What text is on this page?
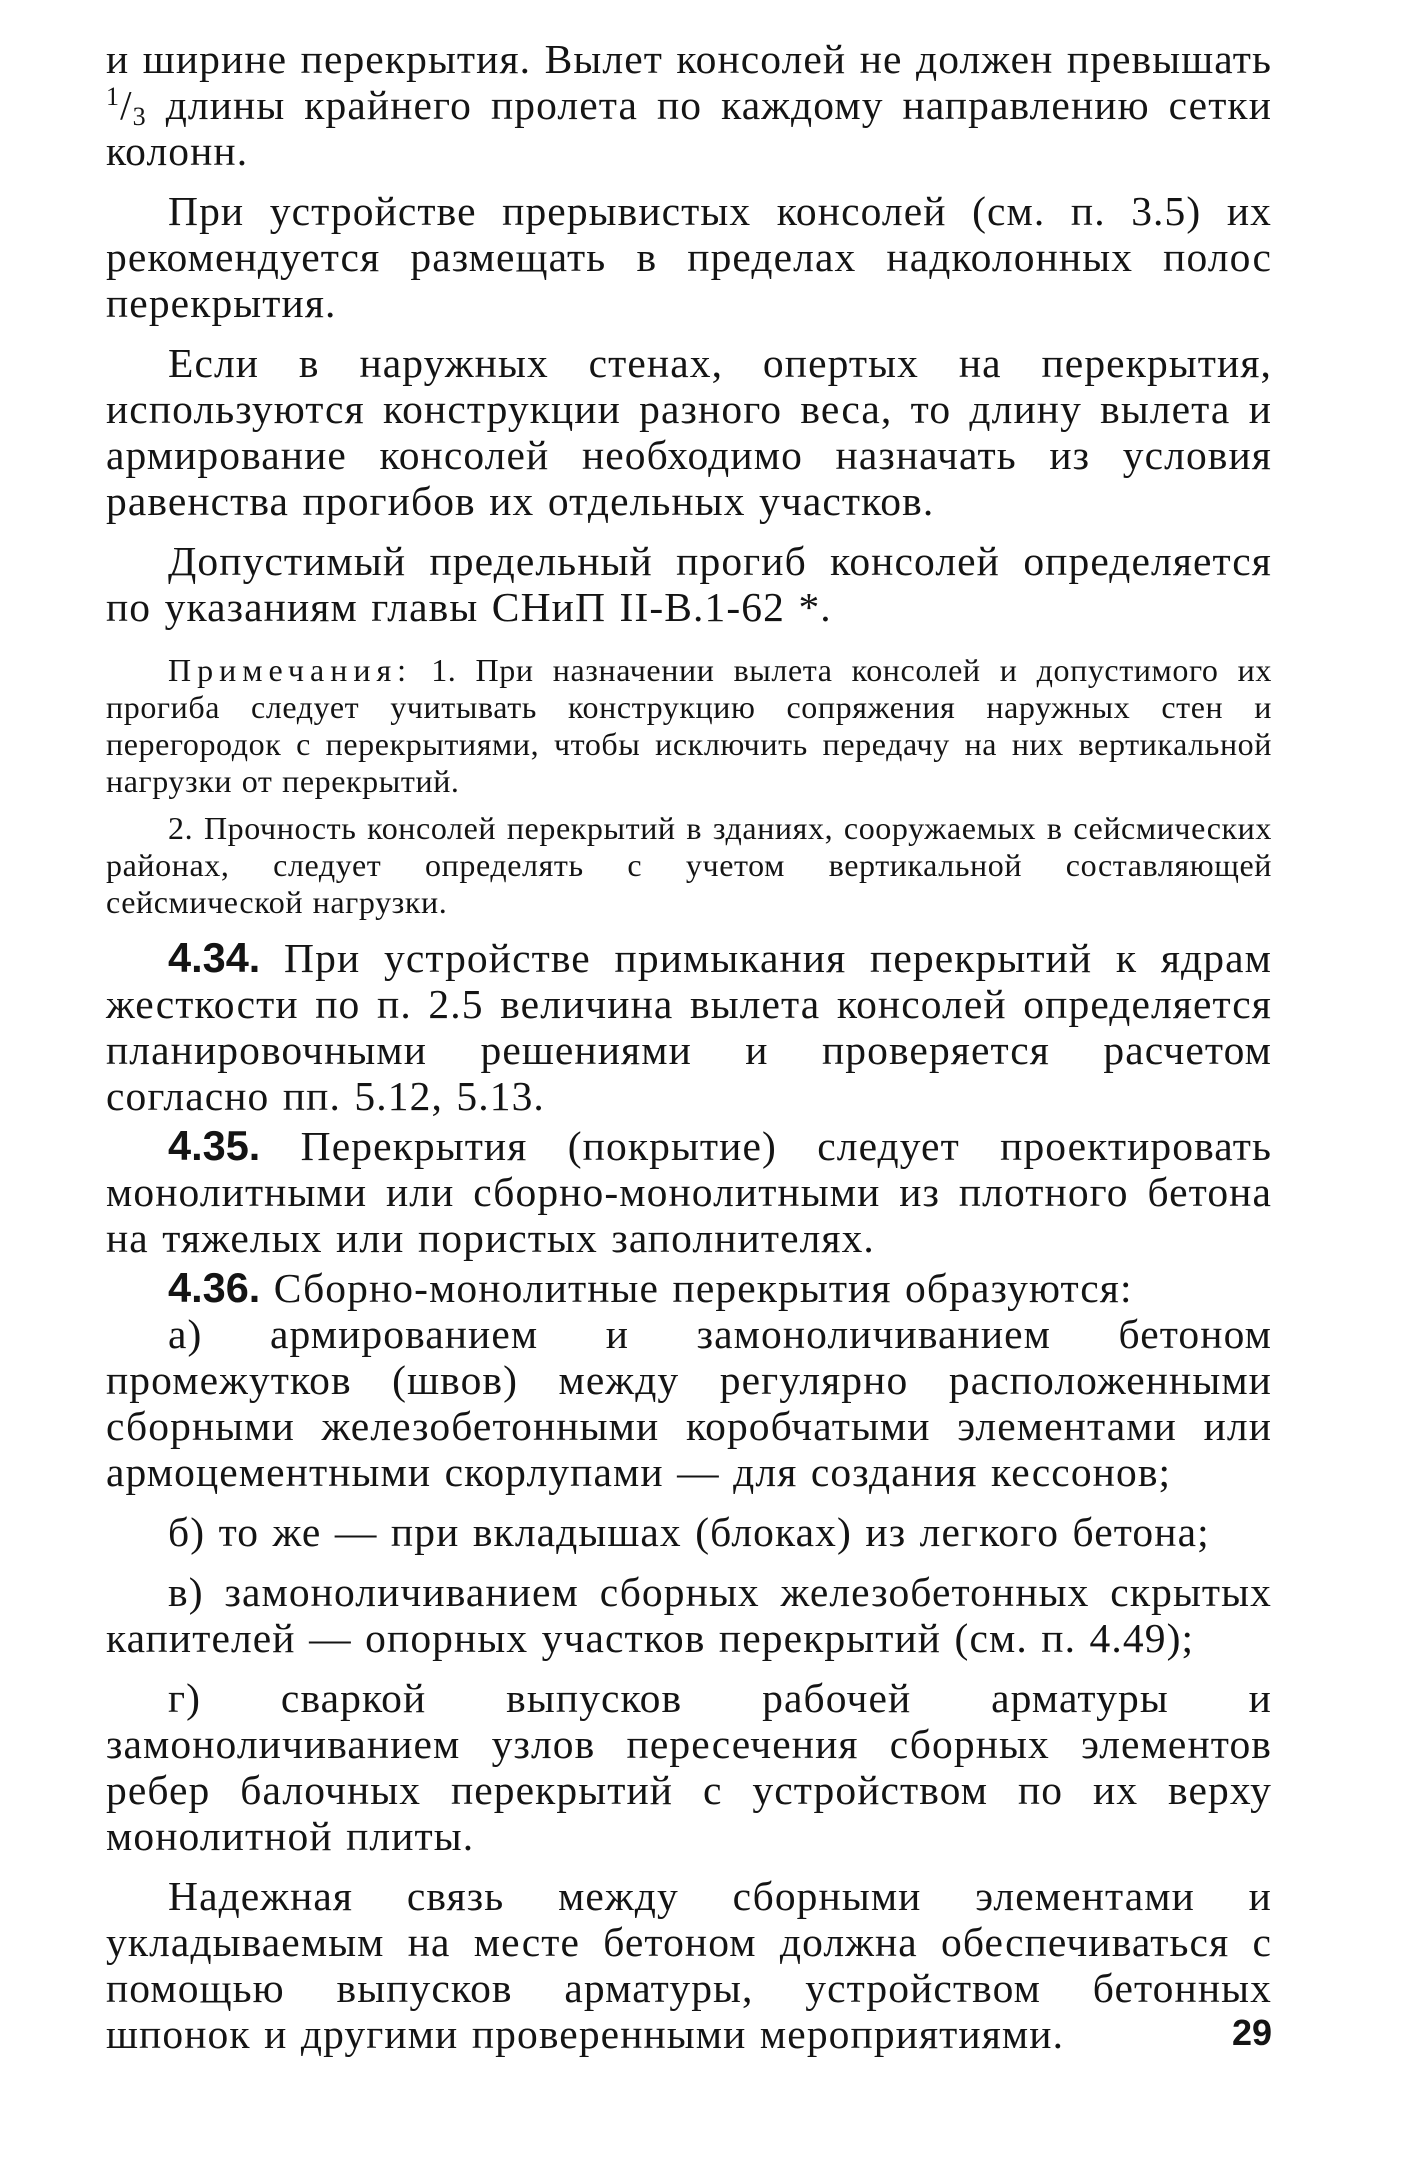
и ширине перекрытия. Вылет консолей не должен превышать $^1/_3$ длины крайнего пролета по каждому направлению сетки колонн.

При устройстве прерывистых консолей (см. п. 3.5) их рекомендуется размещать в пределах надколонных полос перекрытия.

Если в наружных стенах, опертых на перекрытия, используются конструкции разного веса, то длину вылета и армирование консолей необходимо назначать из условия равенства прогибов их отдельных участков.

Допустимый предельный прогиб консолей определяется по указаниям главы СНиП II-В.1-62 *.

Примечания: 1. При назначении вылета консолей и допустимого их прогиба следует учитывать конструкцию сопряжения наружных стен и перегородок с перекрытиями, чтобы исключить передачу на них вертикальной нагрузки от перекрытий.

2. Прочность консолей перекрытий в зданиях, сооружаемых в сейсмических районах, следует определять с учетом вертикальной составляющей сейсмической нагрузки.

4.34. При устройстве примыкания перекрытий к ядрам жесткости по п. 2.5 величина вылета консолей определяется планировочными решениями и проверяется расчетом согласно пп. 5.12, 5.13.

4.35. Перекрытия (покрытие) следует проектировать монолитными или сборно-монолитными из плотного бетона на тяжелых или пористых заполнителях.

4.36. Сборно-монолитные перекрытия образуются:

а) армированием и замоноличиванием бетоном промежутков (швов) между регулярно расположенными сборными железобетонными коробчатыми элементами или армоцементными скорлупами — для создания кессонов;

б) то же — при вкладышах (блоках) из легкого бетона;

в) замоноличиванием сборных железобетонных скрытых капителей — опорных участков перекрытий (см. п. 4.49);

г) сваркой выпусков рабочей арматуры и замоноличиванием узлов пересечения сборных элементов ребер балочных перекрытий с устройством по их верху монолитной плиты.

Надежная связь между сборными элементами и укладываемым на месте бетоном должна обеспечиваться с помощью выпусков арматуры, устройством бетонных шпонок и другими проверенными мероприятиями.	29
